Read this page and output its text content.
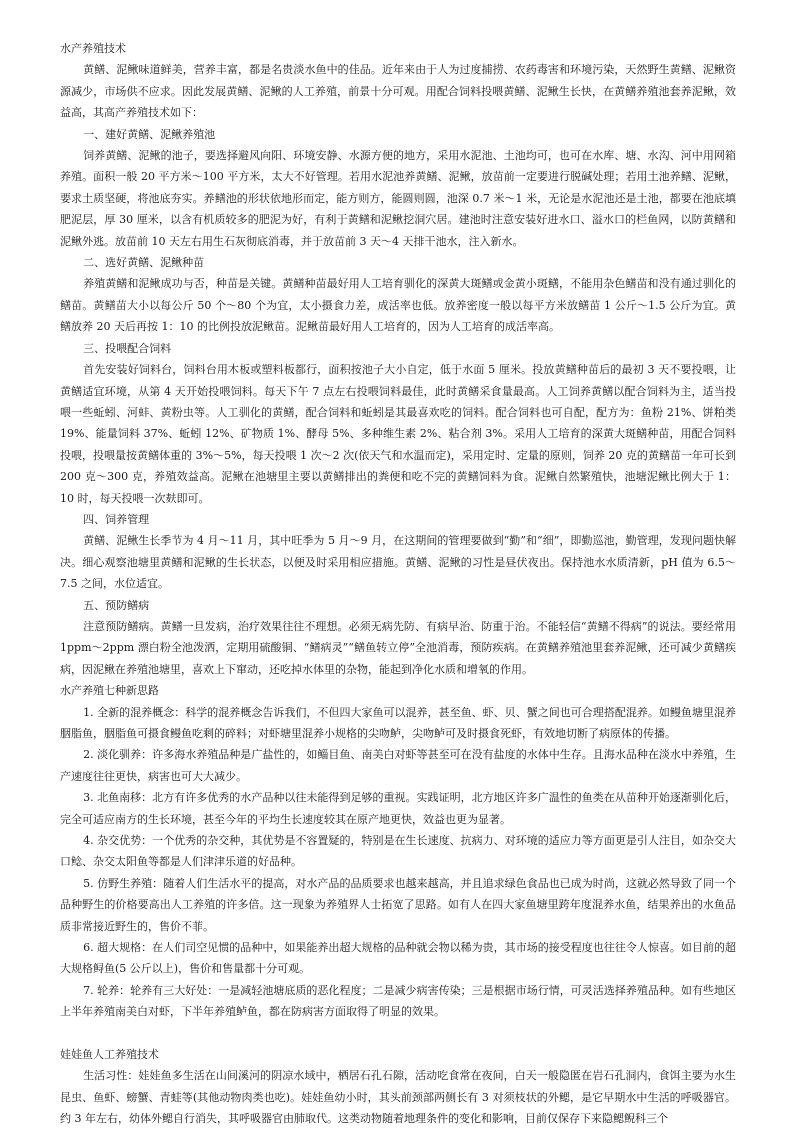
水产养殖技术

黄鳝、泥鳅味道鲜美，营养丰富，都是名贵淡水鱼中的佳品。近年来由于人为过度捕捞、农药毒害和环境污染，天然野生黄鳝、泥鳅资源减少，市场供不应求。因此发展黄鳝、泥鳅的人工养殖，前景十分可观。用配合饲料投喂黄鳝、泥鳅生长快，在黄鳝养殖池套养泥鳅，效益高，其高产养殖技术如下：

一、建好黄鳝、泥鳅养殖池

饲养黄鳝、泥鳅的池子，要选择避风向阳、环境安静、水源方便的地方，采用水泥池、土池均可，也可在水库、塘、水沟、河中用网箱养殖。面积一般 20 平方米～100 平方米，太大不好管理。若用水泥池养黄鳝、泥鳅，放苗前一定要进行脱碱处理；若用土池养鳝、泥鳅，要求土质坚硬，将池底夯实。养鳝池的形状依地形而定，能方则方，能圆则圆，池深 0.7 米～1 米，无论是水泥池还是土池，都要在池底填肥泥层，厚 30 厘米，以含有机质较多的肥泥为好，有利于黄鳝和泥鳅挖洞穴居。建池时注意安装好进水口、溢水口的栏鱼网，以防黄鳝和泥鳅外逃。放苗前 10 天左右用生石灰彻底消毒，并于放苗前 3 天～4 天排干池水，注入新水。

二、选好黄鳝、泥鳅种苗

养殖黄鳝和泥鳅成功与否，种苗是关键。黄鳝种苗最好用人工培育驯化的深黄大斑鳝或金黄小斑鳝，不能用杂色鳝苗和没有通过驯化的鳝苗。黄鳝苗大小以每公斤 50 个～80 个为宜，太小摄食力差，成活率也低。放养密度一般以每平方米放鳝苗 1 公斤～1.5 公斤为宜。黄鳝放养 20 天后再按 1：10 的比例投放泥鳅苗。泥鳅苗最好用人工培育的，因为人工培育的成活率高。

三、投喂配合饲料

首先安装好饲料台，饲料台用木板或塑料板都行，面积按池子大小自定，低于水面 5 厘米。投放黄鳝种苗后的最初 3 天不要投喂，让黄鳝适宜环境，从第 4 天开始投喂饲料。每天下午 7 点左右投喂饲料最佳，此时黄鳝采食量最高。人工饲养黄鳝以配合饲料为主，适当投喂一些蚯蚓、河蚌、黄粉虫等。人工驯化的黄鳝，配合饲料和蚯蚓是其最喜欢吃的饲料。配合饲料也可自配，配方为：鱼粉 21%、饼粕类 19%、能量饲料 37%、蚯蚓 12%、矿物质 1%、酵母 5%、多种维生素 2%、粘合剂 3%。采用人工培育的深黄大斑鳝种苗，用配合饲料投喂，投喂量按黄鳝体重的 3%～5%，每天投喂 1 次～2 次(依天气和水温而定)，采用定时、定量的原则，饲养 20 克的黄鳝苗一年可长到 200 克～300 克，养殖效益高。泥鳅在池塘里主要以黄鳝排出的粪便和吃不完的黄鳝饲料为食。泥鳅自然繁殖快，池塘泥鳅比例大于 1：10 时，每天投喂一次麸即可。

四、饲养管理

黄鳝、泥鳅生长季节为 4 月～11 月，其中旺季为 5 月～9 月，在这期间的管理要做到“勤”和“细”，即勤巡池，勤管理，发现问题快解决。细心观察池塘里黄鳝和泥鳅的生长状态，以便及时采用相应措施。黄鳝、泥鳅的习性是昼伏夜出。保持池水水质清新，pH 值为 6.5～7.5 之间，水位适宜。

五、预防鳝病

注意预防鳝病。黄鳝一旦发病，治疗效果往往不理想。必须无病先防、有病早治、防重于治。不能轻信“黄鳝不得病”的说法。要经常用 1ppm～2ppm 漂白粉全池泼洒，定期用硫酸铜、“鳝病灵”“鳝鱼转立停”全池消毒，预防疾病。在黄鳝养殖池里套养泥鳅，还可减少黄鳝疾病，因泥鳅在养殖池塘里，喜欢上下窜动，还吃掉水体里的杂物，能起到净化水质和增氧的作用。

水产养殖七种新思路

1. 全新的混养概念：科学的混养概念告诉我们，不但四大家鱼可以混养，甚至鱼、虾、贝、蟹之间也可合理搭配混养。如鳗鱼塘里混养胭脂鱼，胭脂鱼可摄食鳗鱼吃剩的碎料；对虾塘里混养小规格的尖吻鲈，尖吻鲈可及时摄食死虾，有效地切断了病原体的传播。

2. 淡化驯养：许多海水养殖品种是广盐性的，如鲻目鱼、南美白对虾等甚至可在没有盐度的水体中生存。且海水品种在淡水中养殖，生产速度往往更快，病害也可大大减少。

3. 北鱼南移：北方有许多优秀的水产品种以往未能得到足够的重视。实践证明，北方地区许多广温性的鱼类在从苗种开始逐渐驯化后，完全可适应南方的生长环境，甚至今年的平均生长速度较其在原产地更快，效益也更为显著。

4. 杂交优势：一个优秀的杂交种，其优势是不容置疑的，特别是在生长速度、抗病力、对环境的适应力等方面更是引人注目，如杂交大口鲶、杂交太阳鱼等都是人们津津乐道的好品种。

5. 仿野生养殖：随着人们生活水平的提高，对水产品的品质要求也越来越高，并且追求绿色食品也已成为时尚，这就必然导致了同一个品种野生的价格要高出人工养殖的许多倍。这一现象为养殖界人士拓宽了思路。如有人在四大家鱼塘里跨年度混养水鱼，结果养出的水鱼品质非常接近野生的，售价不菲。

6. 超大规格：在人们司空见惯的品种中，如果能养出超大规格的品种就会物以稀为贵，其市场的接受程度也往往令人惊喜。如目前的超大规格鲟鱼(5 公斤以上)，售价和售量都十分可观。

7. 轮养：轮养有三大好处：一是减轻池塘底质的恶化程度；二是减少病害传染；三是根据市场行情，可灵活选择养殖品种。如有些地区上半年养殖南美白对虾，下半年养殖鲈鱼，都在防病害方面取得了明显的效果。

娃娃鱼人工养殖技术

生活习性：娃娃鱼多生活在山间溪河的阴凉水域中，栖居石孔石隙，活动吃食常在夜间，白天一般隐匿在岩石孔洞内，食饵主要为水生昆虫、鱼虾、螃蟹、青蛙等(其他动物肉类也吃)。娃娃鱼幼小时，其头前颈部两侧长有 3 对须枝状的外鳃，是它早期水中生活的呼吸器官。约 3 年左右，幼体外鳃自行消失，其呼吸器官由肺取代。这类动物随着地理条件的变化和影响，目前仅保存下来隐鳃鲵科三个
